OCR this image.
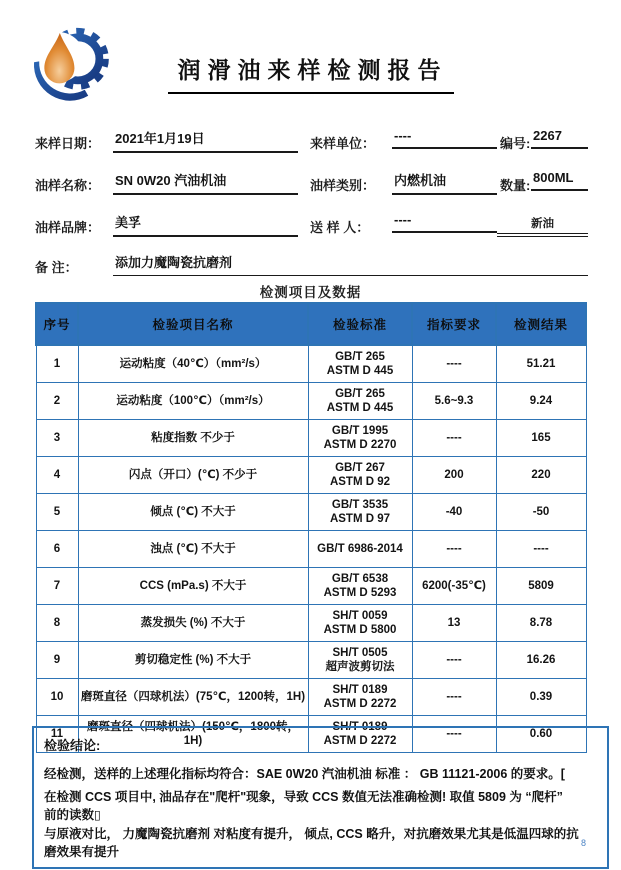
润滑油来样检测报告
来样日期： 2021年1月19日	来样单位：
----
编号:
2267
油样名称： SN 0W20 汽油机油	油样类别： 内燃机油	数量:
800ML
油样品牌： 美孚	送 样 人：
----	新油
备 注：	添加力魔陶瓷抗磨剂
检测项目及数据
序号	检验项目名称	检验标准	指标要求	检测结果
1	运动粘度（40℃）（mm²/s）	GB/T 265
ASTM D 445	----	51.21
2	运动粘度（100℃）（mm²/s）	GB/T 265
ASTM D 445	5.6~9.3	9.24
3	粘度指数 不少于	GB/T 1995
ASTM D 2270	----	165
4	闪点（开口）(℃) 不少于	GB/T 267
ASTM D 92	200	220
5	倾点 (℃) 不大于	GB/T 3535
ASTM D 97	-40	-50
6	浊点 (℃) 不大于	GB/T 6986-2014	----	----
7	CCS (mPa.s) 不大于	GB/T 6538
ASTM D 5293	6200(-35℃)	5809
8	蒸发损失 (%) 不大于	SH/T 0059
ASTM D 5800	13	8.78
9	剪切稳定性 (%) 不大于	SH/T 0505
超声波剪切法	----	16.26
10	磨斑直径（四球机法）(75℃，1200转，1H)	SH/T 0189
ASTM D 2272	----	0.39
11	磨斑直径（四球机法）(150℃，1800转，1H)	SH/T 0189
ASTM D 2272	----	0.60
检验结论:
经检测，送样的上述理化指标均符合：SAE 0W20 汽油机油 标准 ： GB 11121-2006 的要求。[
在检测 CCS 项目中, 油品存在"爬杆"现象，导致 CCS 数值无法准确检测! 取值 5809 为 “爬杆”
前的读数▯
与原液对比， 力魔陶瓷抗磨剂 对粘度有提升， 倾点, CCS 略升，对抗磨效果尤其是低温四球的抗
磨效果有提升
8
